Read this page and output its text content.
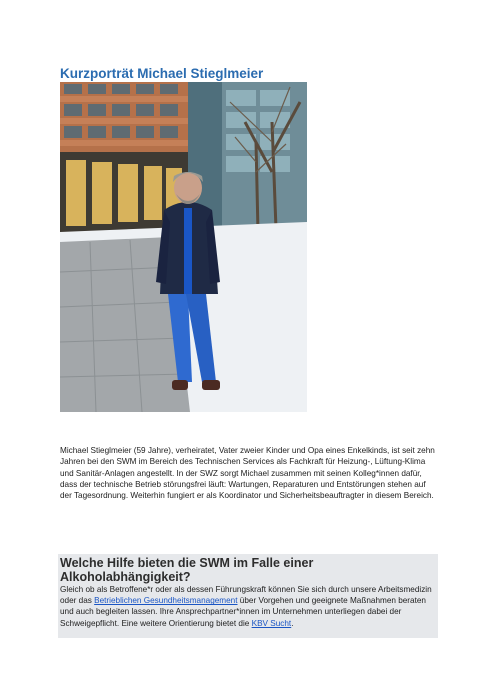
Kurzporträt Michael Stieglmeier
Michael Stieglmeier (59 Jahre), verheiratet, Vater zweier Kinder und Opa eines Enkelkinds, ist seit zehn Jahren bei den SWM im Bereich des Technischen Services als Fachkraft für Heizung-, Lüftung-Klima und Sanitär-Anlagen angestellt. In der SWZ sorgt Michael zusammen mit seinen Kolleg*innen dafür, dass der technische Betrieb störungsfrei läuft: Wartungen, Reparaturen und Entstörungen stehen auf der Tagesordnung. Weiterhin fungiert er als Koordinator und Sicherheitsbeauftragter in diesem Bereich.
Welche Hilfe bieten die SWM im Falle einer Alkoholabhängigkeit?
Gleich ob als Betroffene*r oder als dessen Führungskraft können Sie sich durch unsere Arbeitsmedizin oder das Betrieblichen Gesundheitsmanagement über Vorgehen und geeignete Maßnahmen beraten und auch begleiten lassen. Ihre Ansprechpartner*innen im Unternehmen unterliegen dabei der Schweigepflicht. Eine weitere Orientierung bietet die KBV Sucht.
